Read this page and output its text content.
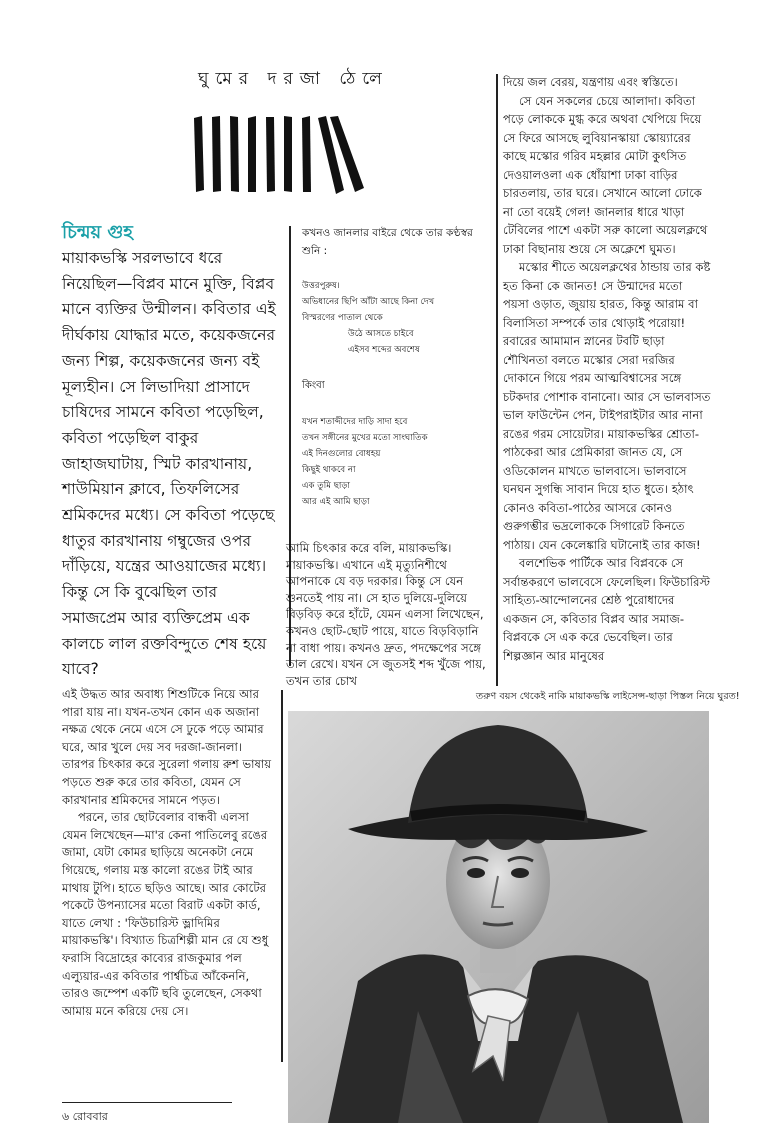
ঘুমের দরজা ঠেলে
চিন্ময় গুহ

মায়াকভস্কি সরলভাবে ধরে নিয়েছিল—বিপ্লব মানে মুক্তি, বিপ্লব মানে ব্যক্তির উন্মীলন। কবিতার এই দীর্ঘকায় যোদ্ধার মতে, কয়েকজনের জন্য শিল্প, কয়েকজনের জন্য বই মূল্যহীন। সে লিভাদিয়া প্রাসাদে চাষিদের সামনে কবিতা পড়েছিল, কবিতা পড়েছিল বাকুর জাহাজঘাটায়, স্মিট কারখানায়, শাউমিয়ান ক্লাবে, তিফলিসের শ্রমিকদের মধ্যে। সে কবিতা পড়েছে ধাতুর কারখানায় গম্বুজের ওপর দাঁড়িয়ে, যন্ত্রের আওয়াজের মধ্যে। কিন্তু সে কি বুঝেছিল তার সমাজপ্রেম আর ব্যক্তিপ্রেম এক কালচে লাল রক্তবিন্দুতে শেষ হয়ে যাবে?

কখনও জানলার বাইরে থেকে তার কণ্ঠস্বর শুনি :

উত্তরপুরুষ।
অভিধানের ছিপি আঁটা আছে কিনা দেখ
বিস্মরণের পাতাল থেকে
উঠে আসতে চাইবে
এইসব শব্দের অবশেষ
কিংবা
যখন শতাব্দীদের দাড়ি সাদা হবে
তখন সঙ্গীনের মুখের মতো সাংঘাতিক
এই দিনগুলোর বোধহয়
কিছুই থাকবে না
এক তুমি ছাড়া
আর এই আমি ছাড়া

আমি চিৎকার করে বলি, মায়াকভস্কি। মায়াকভস্কি। এখানে এই মৃত্যুনিশীথে আপনাকে যে বড় দরকার। কিন্তু সে যেন শুনতেই পায় না। সে হাত দুলিয়ে-দুলিয়ে বিড়বিড় করে হাঁটে, যেমন এলসা লিখেছেন, কখনও ছোট-ছোট পায়ে, যাতে বিড়বিড়ানি না বাধা পায়। কখনও দ্রুত, পদক্ষেপের সঙ্গে তাল রেখে। যখন সে জুতসই শব্দ খুঁজে পায়, তখন তার চোখ

দিয়ে জল বেরয়, যন্ত্রণায় এবং স্বস্তিতে।

সে যেন সকলের চেয়ে আলাদা। কবিতা পড়ে লোককে মুগ্ধ করে অথবা খেপিয়ে দিয়ে সে ফিরে আসছে লুবিয়ানস্কায়া স্কোয়্যারের কাছে মস্কোর গরিব মহল্লার মোটা কুৎসিত দেওয়ালওলা এক ধোঁয়াশা ঢাকা বাড়ির চারতলায়, তার ঘরে। সেখানে আলো ঢোকে না তো বয়েই গেল! জানলার ধারে খাড়া টেবিলের পাশে একটা সরু কালো অয়েলক্লথে ঢাকা বিছানায় শুয়ে সে অক্লেশে ঘুমত।

মস্কোর শীতে অয়েলক্লথের ঠান্ডায় তার কষ্ট হত কিনা কে জানত! সে উন্মাদের মতো পয়সা ওড়াত, জুয়ায় হারত, কিন্তু আরাম বা বিলাসিতা সম্পর্কে তার থোড়াই পরোয়া! রবারের আমামান স্নানের টবটি ছাড়া শৌখিনতা বলতে মস্কোর সেরা দরজির দোকানে গিয়ে পরম আত্মবিশ্বাসের সঙ্গে চটকদার পোশাক বানানো। আর সে ভালবাসত ভাল ফাউন্টেন পেন, টাইপরাইটার আর নানা রঙের গরম সোয়েটার। মায়াকভস্কির শ্রোতা-পাঠকেরা আর প্রেমিকারা জানত যে, সে ওডিকোলন মাখতে ভালবাসে। ভালবাসে ঘনঘন সুগন্ধি সাবান দিয়ে হাত ধুতে। হঠাৎ কোনও কবিতা-পাঠের আসরে কোনও গুরুগম্ভীর ভদ্রলোককে সিগারেট কিনতে পাঠায়। যেন কেলেঙ্কারি ঘটানোই তার কাজ!

বলশেভিক পার্টিকে আর বিপ্লবকে সে সর্বান্তকরণে ভালবেসে ফেলেছিল। ফিউচারিস্ট সাহিত্য-আন্দোলনের শ্রেষ্ঠ পুরোধাদের একজন সে, কবিতার বিপ্লব আর সমাজ-বিপ্লবকে সে এক করে ভেবেছিল। তার শিল্পজ্ঞান আর মানুষের

এই উদ্ধত আর অবাধ্য শিশুটিকে নিয়ে আর পারা যায় না। যখন-তখন কোন এক অজানা নক্ষত্র থেকে নেমে এসে সে ঢুকে পড়ে আমার ঘরে, আর খুলে দেয় সব দরজা-জানলা। তারপর চিৎকার করে সুরেলা গলায় রুশ ভাষায় পড়তে শুরু করে তার কবিতা, যেমন সে কারখানার শ্রমিকদের সামনে পড়ত।

পরনে, তার ছোটবেলার বান্ধবী এলসা যেমন লিখেছেন—মা'র কেনা পাতিলেবু রঙের জামা, যেটা কোমর ছাড়িয়ে অনেকটা নেমে গিয়েছে, গলায় মস্ত কালো রঙের টাই আর মাথায় টুপি। হাতে ছড়িও আছে। আর কোটের পকেটে উপন্যাসের মতো বিরাট একটা কার্ড, যাতে লেখা : 'ফিউচারিস্ট ভ্লাদিমির মায়াকভস্কি'। বিখ্যাত চিত্রশিল্পী মান রে যে শুধু ফরাসি বিদ্রোহের কাব্যের রাজকুমার পল এল্যুয়ার-এর কবিতার পার্শ্বচিত্র আঁকেননি, তারও জম্পেশ একটি ছবি তুলেছেন, সেকথা আমায় মনে করিয়ে দেয় সে।

তরুণ বয়স থেকেই নাকি মায়াকভস্কি লাইসেন্স-ছাড়া পিস্তল নিয়ে ঘুরত!
৬ রোববার
